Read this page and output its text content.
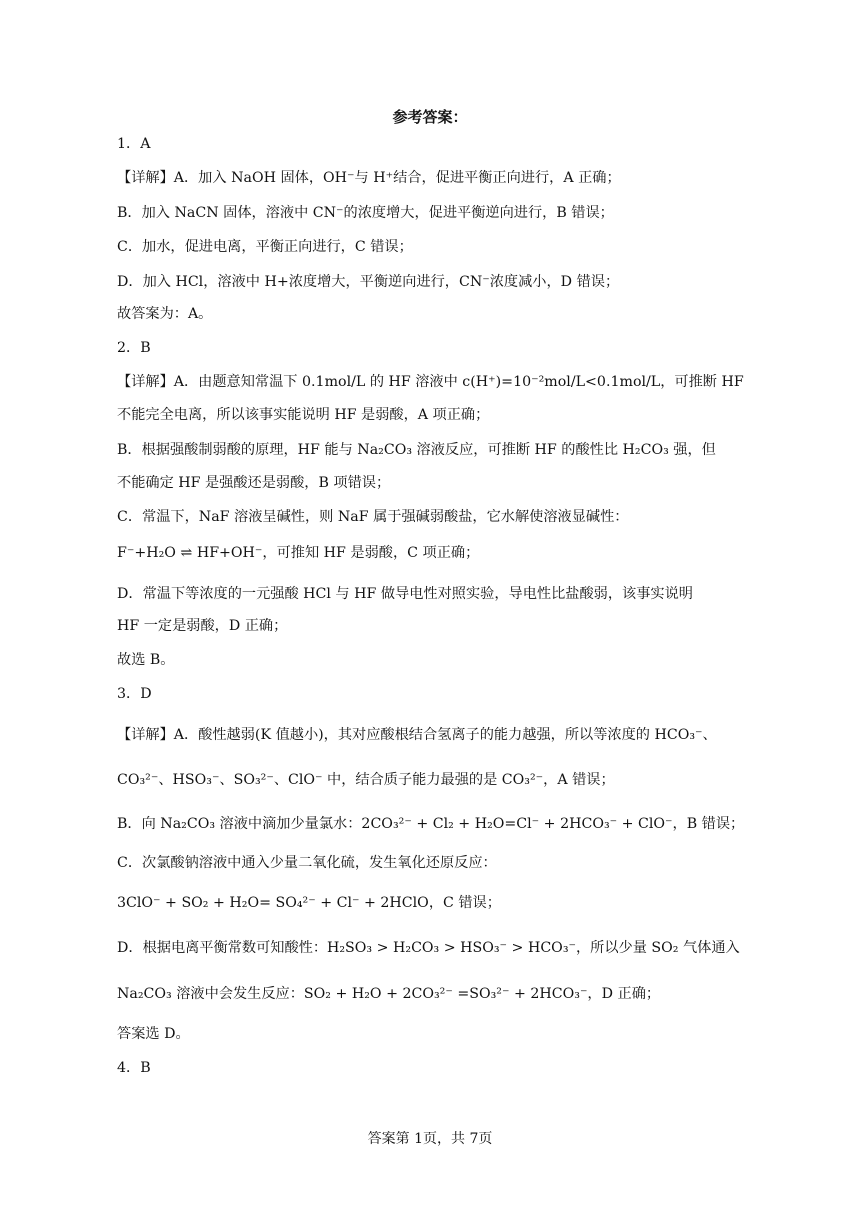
参考答案：
1．A
【详解】A．加入 NaOH 固体，OH⁻与 H⁺结合，促进平衡正向进行，A 正确；
B．加入 NaCN 固体，溶液中 CN⁻的浓度增大，促进平衡逆向进行，B 错误；
C．加水，促进电离，平衡正向进行，C 错误；
D．加入 HCl，溶液中 H+浓度增大，平衡逆向进行，CN⁻浓度减小，D 错误；
故答案为：A。
2．B
【详解】A．由题意知常温下 0.1mol/L 的 HF 溶液中 c(H⁺)=10⁻²mol/L<0.1mol/L，可推断 HF
不能完全电离，所以该事实能说明 HF 是弱酸，A 项正确；
B．根据强酸制弱酸的原理，HF 能与 Na₂CO₃ 溶液反应，可推断 HF 的酸性比 H₂CO₃ 强，但
不能确定 HF 是强酸还是弱酸，B 项错误；
C．常温下，NaF 溶液呈碱性，则 NaF 属于强碱弱酸盐，它水解使溶液显碱性：
F⁻+H₂O ⇌ HF+OH⁻，可推知 HF 是弱酸，C 项正确；
D．常温下等浓度的一元强酸 HCl 与 HF 做导电性对照实验，导电性比盐酸弱，该事实说明
HF 一定是弱酸，D 正确；
故选 B。
3．D
【详解】A．酸性越弱(K 值越小)，其对应酸根结合氢离子的能力越强，所以等浓度的 HCO₃⁻、
CO₃²⁻、HSO₃⁻、SO₃²⁻、ClO⁻ 中，结合质子能力最强的是 CO₃²⁻，A 错误；
B．向 Na₂CO₃ 溶液中滴加少量氯水：2CO₃²⁻ + Cl₂ + H₂O=Cl⁻ + 2HCO₃⁻ + ClO⁻，B 错误；
C．次氯酸钠溶液中通入少量二氧化硫，发生氧化还原反应：
3ClO⁻ + SO₂ + H₂O= SO₄²⁻ + Cl⁻ + 2HClO，C 错误；
D．根据电离平衡常数可知酸性：H₂SO₃ > H₂CO₃ > HSO₃⁻ > HCO₃⁻，所以少量 SO₂ 气体通入
Na₂CO₃ 溶液中会发生反应：SO₂ + H₂O + 2CO₃²⁻ =SO₃²⁻ + 2HCO₃⁻，D 正确；
答案选 D。
4．B
答案第 1页，共 7页
